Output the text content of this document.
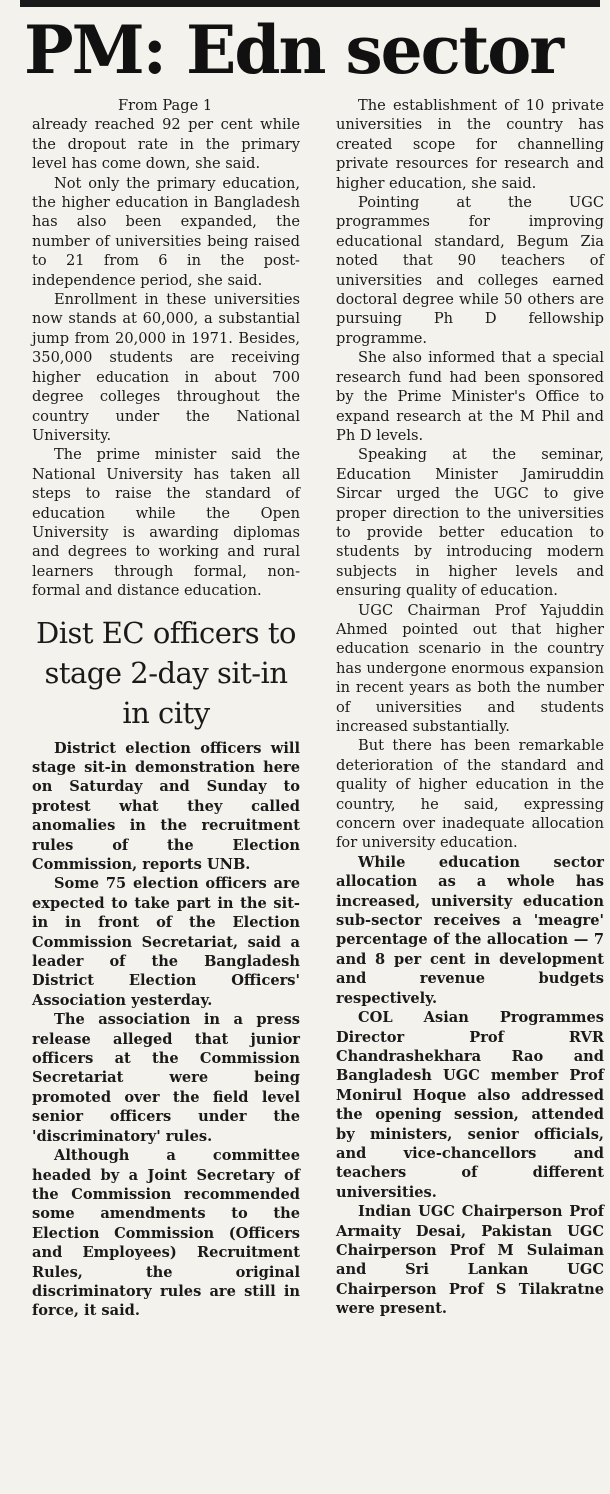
PM: Edn sector

From Page 1

already reached 92 per cent while the dropout rate in the primary level has come down, she said.

Not only the primary education, the higher education in Bangladesh has also been expanded, the number of universities being raised to 21 from 6 in the post-independence period, she said.

Enrollment in these universities now stands at 60,000, a substantial jump from 20,000 in 1971. Besides, 350,000 students are receiving higher education in about 700 degree colleges throughout the country under the National University.

The prime minister said the National University has taken all steps to raise the standard of education while the Open University is awarding diplomas and degrees to working and rural learners through formal, non-formal and distance education.

Dist EC officers to stage 2-day sit-in in city

District election officers will stage sit-in demonstration here on Saturday and Sunday to protest what they called anomalies in the recruitment rules of the Election Commission, reports UNB.

Some 75 election officers are expected to take part in the sit-in in front of the Election Commission Secretariat, said a leader of the Bangladesh District Election Officers' Association yesterday.

The association in a press release alleged that junior officers at the Commission Secretariat were being promoted over the field level senior officers under the 'discriminatory' rules.

Although a committee headed by a Joint Secretary of the Commission recommended some amendments to the Election Commission (Officers and Employees) Recruitment Rules, the original discriminatory rules are still in force, it said.

The establishment of 10 private universities in the country has created scope for channelling private resources for research and higher education, she said.

Pointing at the UGC programmes for improving educational standard, Begum Zia noted that 90 teachers of universities and colleges earned doctoral degree while 50 others are pursuing Ph D fellowship programme.

She also informed that a special research fund had been sponsored by the Prime Minister's Office to expand research at the M Phil and Ph D levels.

Speaking at the seminar, Education Minister Jamiruddin Sircar urged the UGC to give proper direction to the universities to provide better education to students by introducing modern subjects in higher levels and ensuring quality of education.

UGC Chairman Prof Yajuddin Ahmed pointed out that higher education scenario in the country has undergone enormous expansion in recent years as both the number of universities and students increased substantially.

But there has been remarkable deterioration of the standard and quality of higher education in the country, he said, expressing concern over inadequate allocation for university education.

While education sector allocation as a whole has increased, university education sub-sector receives a 'meagre' percentage of the allocation — 7 and 8 per cent in development and revenue budgets respectively.

COL Asian Programmes Director Prof RVR Chandrashekhara Rao and Bangladesh UGC member Prof Monirul Hoque also addressed the opening session, attended by ministers, senior officials, and vice-chancellors and teachers of different universities.

Indian UGC Chairperson Prof Armaity Desai, Pakistan UGC Chairperson Prof M Sulaiman and Sri Lankan UGC Chairperson Prof S Tilakratne were present.
